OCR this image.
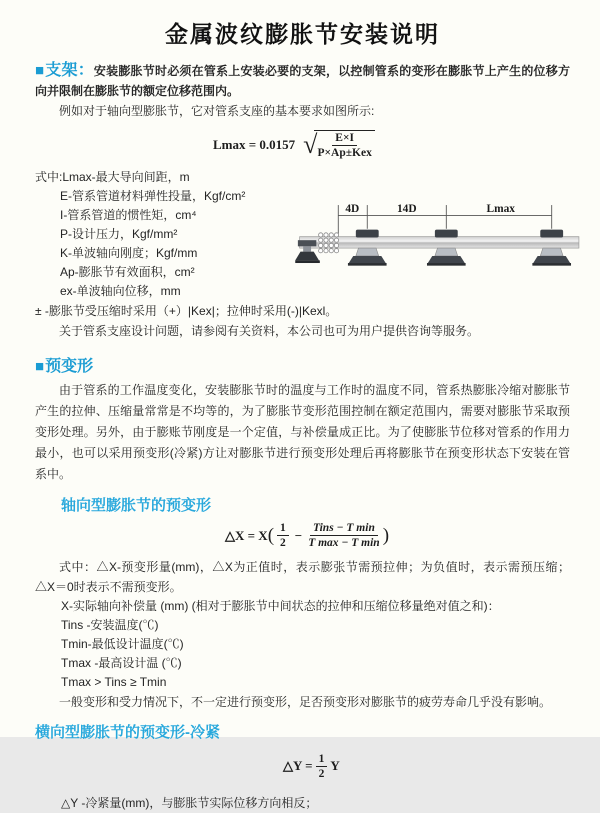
金属波纹膨胀节安装说明

■支架：安装膨胀节时必须在管系上安装必要的支架，以控制管系的变形在膨胀节上产生的位移方向并限制在膨胀节的额定位移范围内。

例如对于轴向型膨胀节，它对管系支座的基本要求如图所示:

Lmax = 0.0157 √
$\frac{E\times I}{\text{P×Ap±Kex}}$
式中:Lmax-最大导向间距，m
E-管系管道材料弹性投量，Kgf/cm²
I-管系管道的惯性矩，cm⁴
P-设计压力，Kgf/mm²
K-单波轴向刚度；Kgf/mm
Ap-膨胀节有效面积，cm²
ex-单波轴向位移，mm
4D	14D	Lmax

± -膨胀节受压缩时采用（+）|Kex|；拉伸时采用(-)|Kexl。

关于管系支座设计问题，请参阅有关资料，本公司也可为用户提供咨询等服务。

■预变形

由于管系的工作温度变化，安装膨胀节时的温度与工作时的温度不同，管系热膨胀冷缩对膨胀节产生的拉伸、压缩量常常是不均等的，为了膨胀节变形范围控制在额定范围内，需要对膨胀节采取预变形处理。另外，由于膨账节刚度是一个定值，与补偿量成正比。为了使膨胀节位移对管系的作用力最小，也可以采用预变形(冷紧)方让对膨胀节进行预变形处理后再将膨胀节在预变形状态下安装在管系中。

轴向型膨胀节的预变形
△X = X ( $\frac{1}{2} - \frac{\text{Tins − T min}}{\text{T max − T min}}$ )

式中：△X-预变形量(mm)，△X为正值时，表示膨张节需预拉伸；为负值时，表示需预压缩；△X＝0时表示不需预变形。

X-实际轴向补偿量 (mm) (相对于膨胀节中间状态的拉伸和压缩位移量绝对值之和)：
Tins -安装温度(℃)
Tmin-最低设计温度(℃)
Tmax -最高设计温 (℃)
Tmax > Tins ≥ Tmin

一般变形和受力情况下，不一定进行预变形，足否预变形对膨胀节的疲劳寿命几乎没有影响。

横向型膨胀节的预变形-冷紧
△Y = $\frac{1}{2}$ Y

△Y -冷紧量(mm)，与膨胀节实际位移方向相反；
